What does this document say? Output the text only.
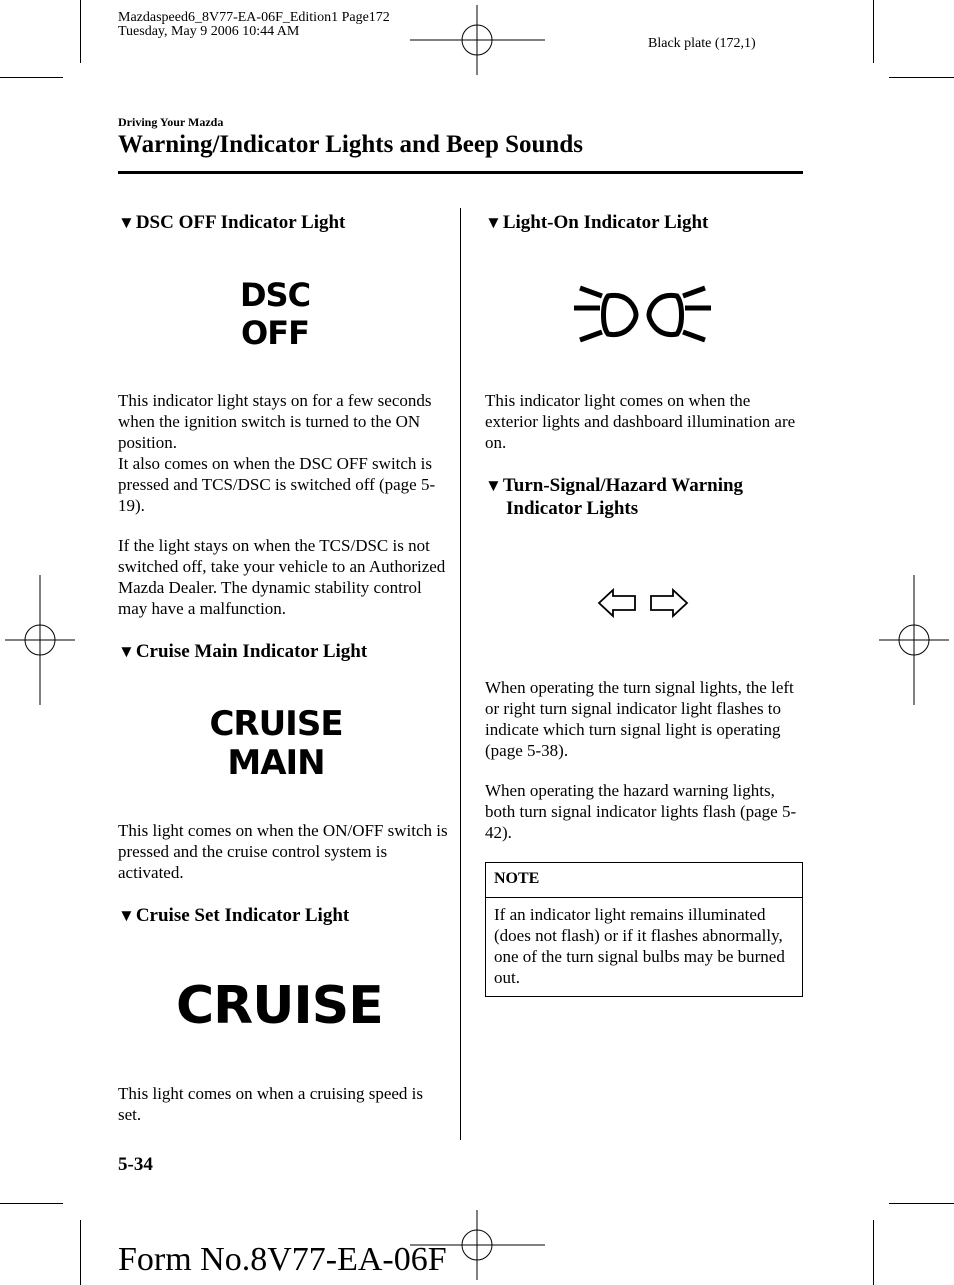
Mazdaspeed6_8V77-EA-06F_Edition1 Page172
Tuesday, May 9 2006 10:44 AM
Black plate (172,1)
Driving Your Mazda
Warning/Indicator Lights and Beep Sounds
▼DSC OFF Indicator Light
DSC
OFF

This indicator light stays on for a few seconds when the ignition switch is turned to the ON position.
It also comes on when the DSC OFF switch is pressed and TCS/DSC is switched off (page 5-19).

If the light stays on when the TCS/DSC is not switched off, take your vehicle to an Authorized Mazda Dealer. The dynamic stability control may have a malfunction.

▼Cruise Main Indicator Light
CRUISE
MAIN

This light comes on when the ON/OFF switch is pressed and the cruise control system is activated.

▼Cruise Set Indicator Light
CRUISE

This light comes on when a cruising speed is set.

▼Light-On Indicator Light

This indicator light comes on when the exterior lights and dashboard illumination are on.

▼Turn-Signal/Hazard Warning
Indicator Lights

When operating the turn signal lights, the left or right turn signal indicator light flashes to indicate which turn signal light is operating (page 5-38).

When operating the hazard warning lights, both turn signal indicator lights flash (page 5-42).

NOTE
If an indicator light remains illuminated (does not flash) or if it flashes abnormally, one of the turn signal bulbs may be burned out.
5-34
Form No.8V77-EA-06F
